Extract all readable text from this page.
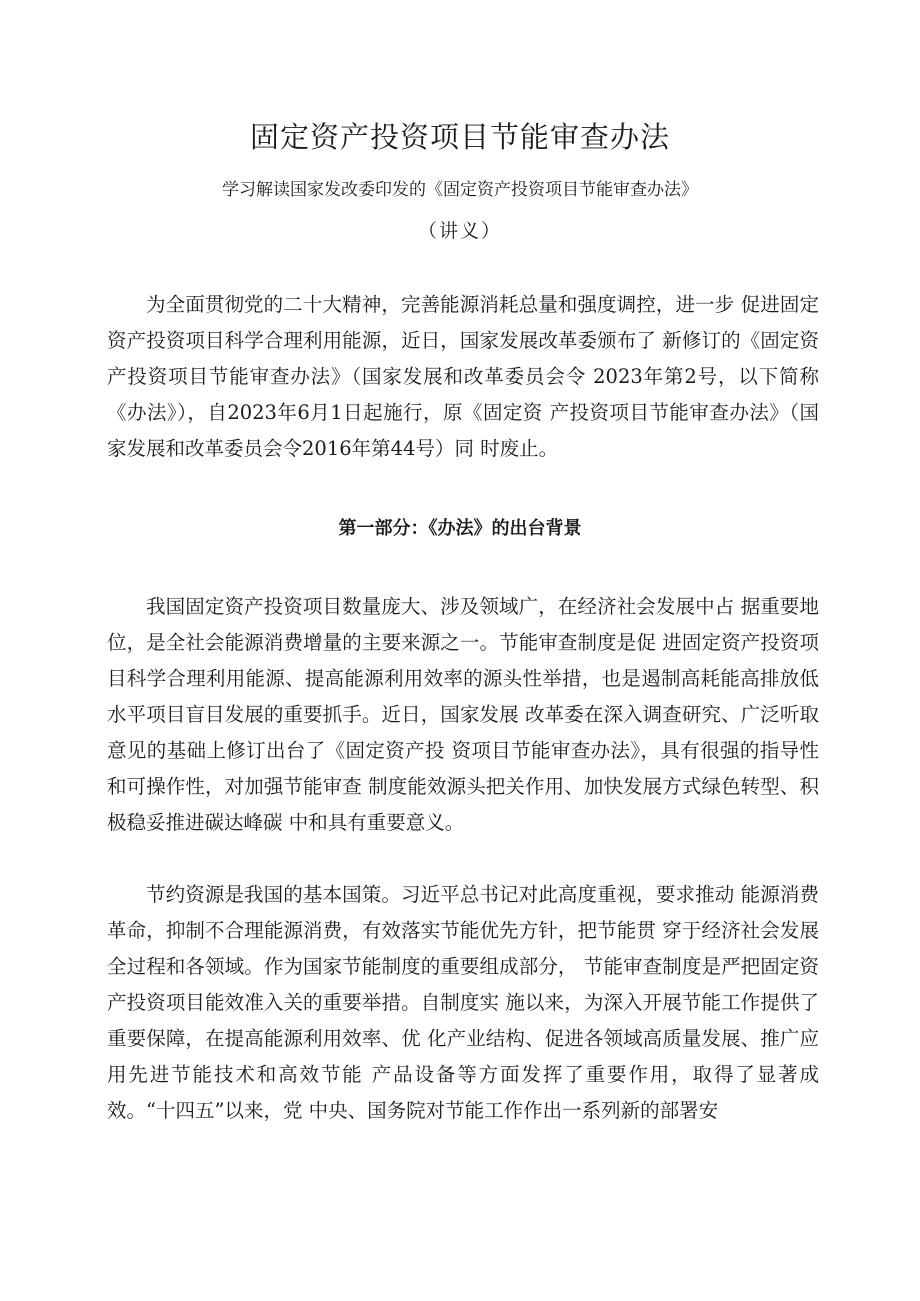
固定资产投资项目节能审查办法

学习解读国家发改委印发的《固定资产投资项目节能审查办法》

（讲义）

为全面贯彻党的二十大精神，完善能源消耗总量和强度调控，进一步 促进固定资产投资项目科学合理利用能源，近日，国家发展改革委颁布了 新修订的《固定资产投资项目节能审查办法》（国家发展和改革委员会令 2023年第2号，以下简称《办法》），自2023年6月1日起施行，原《固定资 产投资项目节能审查办法》（国家发展和改革委员会令2016年第44号）同 时废止。

第一部分：《办法》的出台背景

我国固定资产投资项目数量庞大、涉及领域广，在经济社会发展中占 据重要地位，是全社会能源消费增量的主要来源之一。节能审查制度是促 进固定资产投资项目科学合理利用能源、提高能源利用效率的源头性举措，也是遏制高耗能高排放低水平项目盲目发展的重要抓手。近日，国家发展 改革委在深入调查研究、广泛听取意见的基础上修订出台了《固定资产投 资项目节能审查办法》，具有很强的指导性和可操作性，对加强节能审查 制度能效源头把关作用、加快发展方式绿色转型、积极稳妥推进碳达峰碳 中和具有重要意义。

节约资源是我国的基本国策。习近平总书记对此高度重视，要求推动 能源消费革命，抑制不合理能源消费，有效落实节能优先方针，把节能贯 穿于经济社会发展全过程和各领域。作为国家节能制度的重要组成部分， 节能审查制度是严把固定资产投资项目能效准入关的重要举措。自制度实 施以来，为深入开展节能工作提供了重要保障，在提高能源利用效率、优 化产业结构、促进各领域高质量发展、推广应用先进节能技术和高效节能 产品设备等方面发挥了重要作用，取得了显著成效。“十四五”以来，党 中央、国务院对节能工作作出一系列新的部署安
